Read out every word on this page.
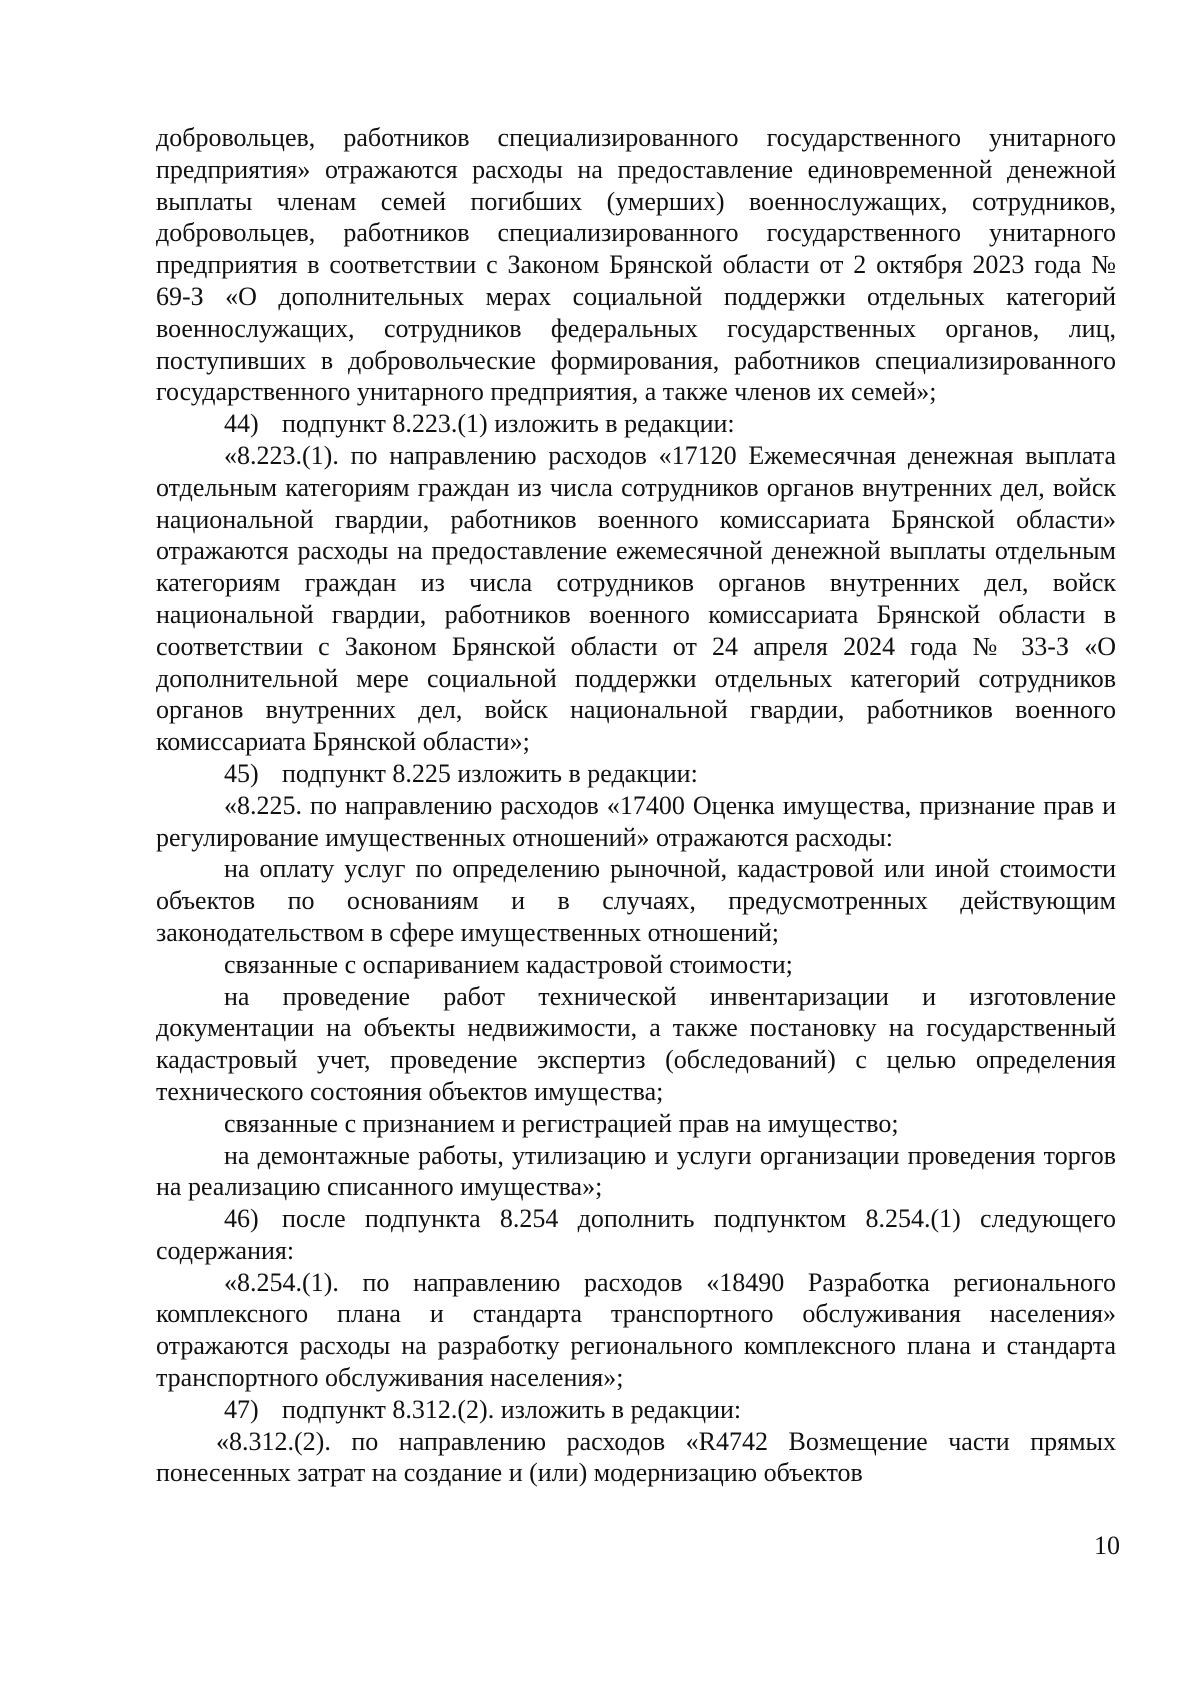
добровольцев, работников специализированного государственного унитарного предприятия» отражаются расходы на предоставление единовременной денежной выплаты членам семей погибших (умерших) военнослужащих, сотрудников, добровольцев, работников специализированного государственного унитарного предприятия в соответствии с Законом Брянской области от 2 октября 2023 года № 69-З «О дополнительных мерах социальной поддержки отдельных категорий военнослужащих, сотрудников федеральных государственных органов, лиц, поступивших в добровольческие формирования, работников специализированного государственного унитарного предприятия, а также членов их семей»;

44) подпункт 8.223.(1) изложить в редакции:

«8.223.(1). по направлению расходов «17120 Ежемесячная денежная выплата отдельным категориям граждан из числа сотрудников органов внутренних дел, войск национальной гвардии, работников военного комиссариата Брянской области» отражаются расходы на предоставление ежемесячной денежной выплаты отдельным категориям граждан из числа сотрудников органов внутренних дел, войск национальной гвардии, работников военного комиссариата Брянской области в соответствии с Законом Брянской области от 24 апреля 2024 года № 33-З «О дополнительной мере социальной поддержки отдельных категорий сотрудников органов внутренних дел, войск национальной гвардии, работников военного комиссариата Брянской области»;

45) подпункт 8.225 изложить в редакции:

«8.225. по направлению расходов «17400 Оценка имущества, признание прав и регулирование имущественных отношений» отражаются расходы:

на оплату услуг по определению рыночной, кадастровой или иной стоимости объектов по основаниям и в случаях, предусмотренных действующим законодательством в сфере имущественных отношений;

связанные с оспариванием кадастровой стоимости;

на проведение работ технической инвентаризации и изготовление документации на объекты недвижимости, а также постановку на государственный кадастровый учет, проведение экспертиз (обследований) с целью определения технического состояния объектов имущества;

связанные с признанием и регистрацией прав на имущество;

на демонтажные работы, утилизацию и услуги организации проведения торгов на реализацию списанного имущества»;

46) после подпункта 8.254 дополнить подпунктом 8.254.(1) следующего содержания:

«8.254.(1). по направлению расходов «18490 Разработка регионального комплексного плана и стандарта транспортного обслуживания населения» отражаются расходы на разработку регионального комплексного плана и стандарта транспортного обслуживания населения»;

47) подпункт 8.312.(2). изложить в редакции:

«8.312.(2). по направлению расходов «R4742 Возмещение части прямых понесенных затрат на создание и (или) модернизацию объектов

10
